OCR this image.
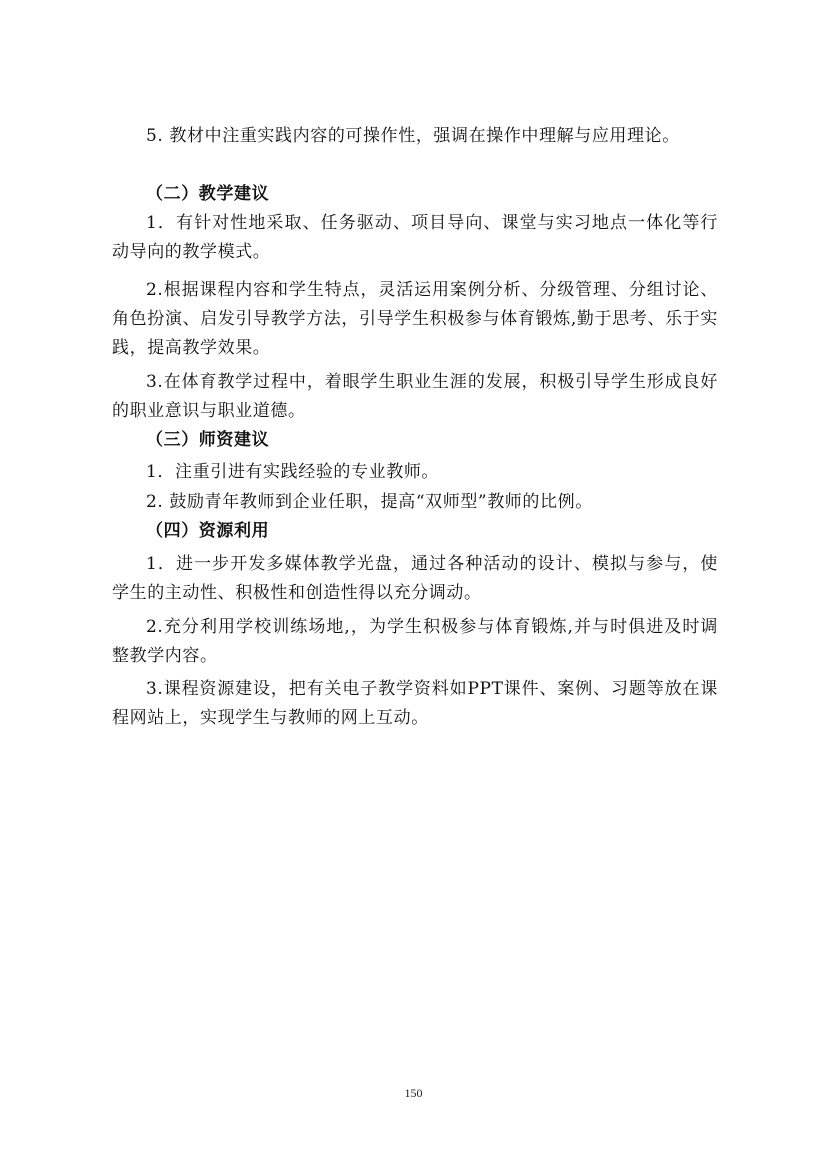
5. 教材中注重实践内容的可操作性，强调在操作中理解与应用理论。

（二）教学建议

1．有针对性地采取、任务驱动、项目导向、课堂与实习地点一体化等行动导向的教学模式。

2.根据课程内容和学生特点，灵活运用案例分析、分级管理、分组讨论、角色扮演、启发引导教学方法，引导学生积极参与体育锻炼,勤于思考、乐于实践，提高教学效果。

3.在体育教学过程中，着眼学生职业生涯的发展，积极引导学生形成良好的职业意识与职业道德。

（三）师资建议

1．注重引进有实践经验的专业教师。

2. 鼓励青年教师到企业任职，提高“双师型”教师的比例。

（四）资源利用

1．进一步开发多媒体教学光盘，通过各种活动的设计、模拟与参与，使学生的主动性、积极性和创造性得以充分调动。

2.充分利用学校训练场地,，为学生积极参与体育锻炼,并与时俱进及时调整教学内容。

3.课程资源建设，把有关电子教学资料如PPT课件、案例、习题等放在课程网站上，实现学生与教师的网上互动。

150
